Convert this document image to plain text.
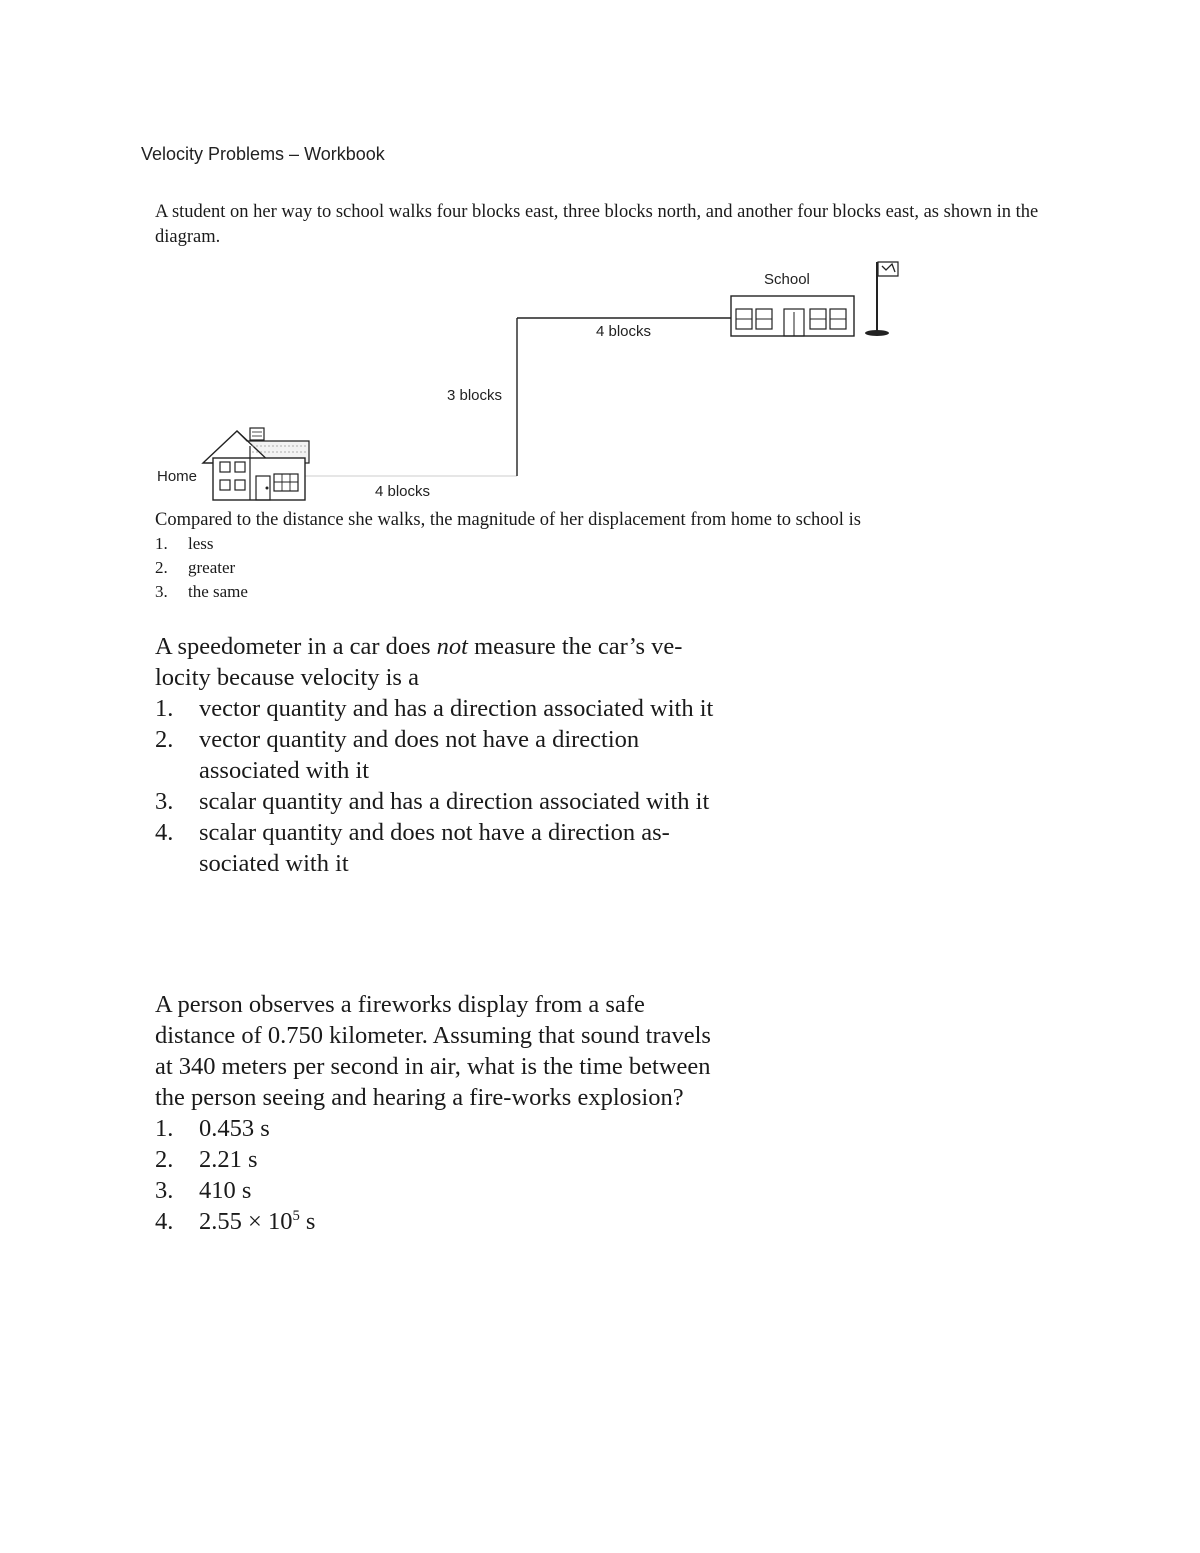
Velocity Problems – Workbook
A student on her way to school walks four blocks east, three blocks north, and another four blocks east, as shown in the diagram.
School
4 blocks
3 blocks
Home
4 blocks
Compared to the distance she walks, the magnitude of her displacement from home to school is
1.	less
2.	greater
3.	the same

A speedometer in a car does not measure the car’s ve-locity because velocity is a

1.	vector quantity and has a direction associated with it
2.	vector quantity and does not have a direction associated with it
3.	scalar quantity and has a direction associated with it
4.	scalar quantity and does not have a direction as-sociated with it

A person observes a fireworks display from a safe distance of 0.750 kilometer. Assuming that sound travels at 340 meters per second in air, what is the time between the person seeing and hearing a fire-works explosion?

1.	0.453 s
2.	2.21 s
3.	410 s
4.	$2.55 \times 10^5$ s
